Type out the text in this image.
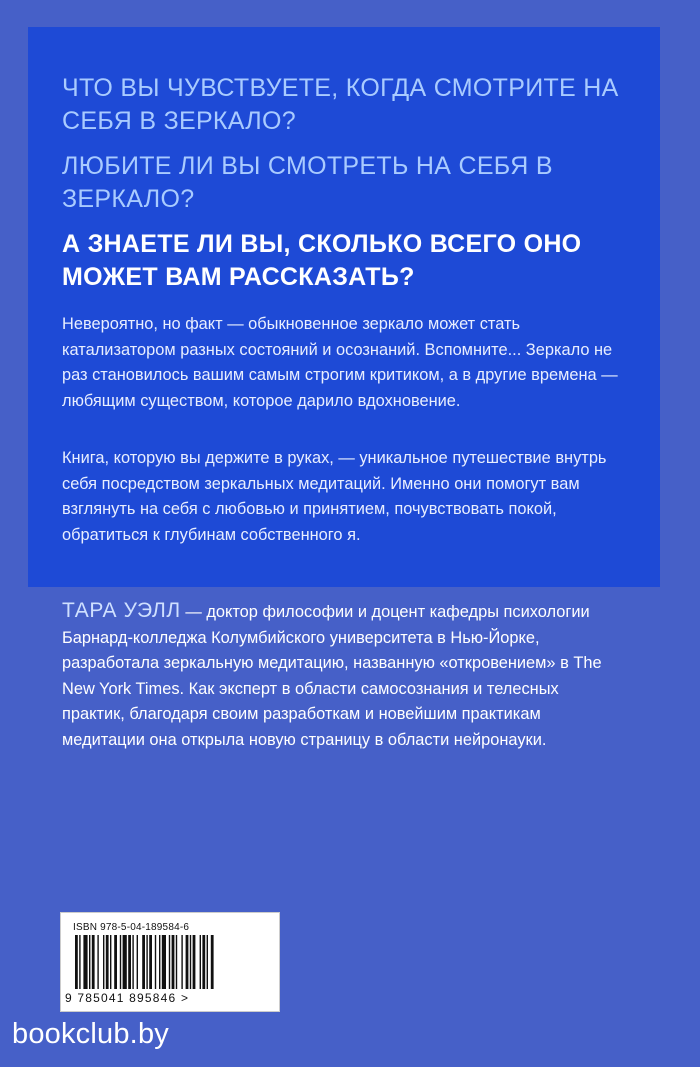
ЧТО ВЫ ЧУВСТВУЕТЕ, КОГДА СМОТРИТЕ НА СЕБЯ В ЗЕРКАЛО?
ЛЮБИТЕ ЛИ ВЫ СМОТРЕТЬ НА СЕБЯ В ЗЕРКАЛО?
А ЗНАЕТЕ ЛИ ВЫ, СКОЛЬКО ВСЕГО ОНО МОЖЕТ ВАМ РАССКАЗАТЬ?

Невероятно, но факт — обыкновенное зеркало может стать катализатором разных состояний и осознаний. Вспомните... Зеркало не раз становилось вашим самым строгим критиком, а в другие времена — любящим существом, которое дарило вдохновение.

Книга, которую вы держите в руках, — уникальное путешествие внутрь себя посредством зеркальных медитаций. Именно они помогут вам взглянуть на себя с любовью и принятием, почувствовать покой, обратиться к глубинам собственного я.

ТАРА УЭЛЛ — доктор философии и доцент кафедры психологии Барнард-колледжа Колумбийского университета в Нью-Йорке, разработала зеркальную медитацию, названную «откровением» в The New York Times. Как эксперт в области самосознания и телесных практик, благодаря своим разработкам и новейшим практикам медитации она открыла новую страницу в области нейронауки.

ISBN 978-5-04-189584-6
9 785041 895846 >
bookclub.by
